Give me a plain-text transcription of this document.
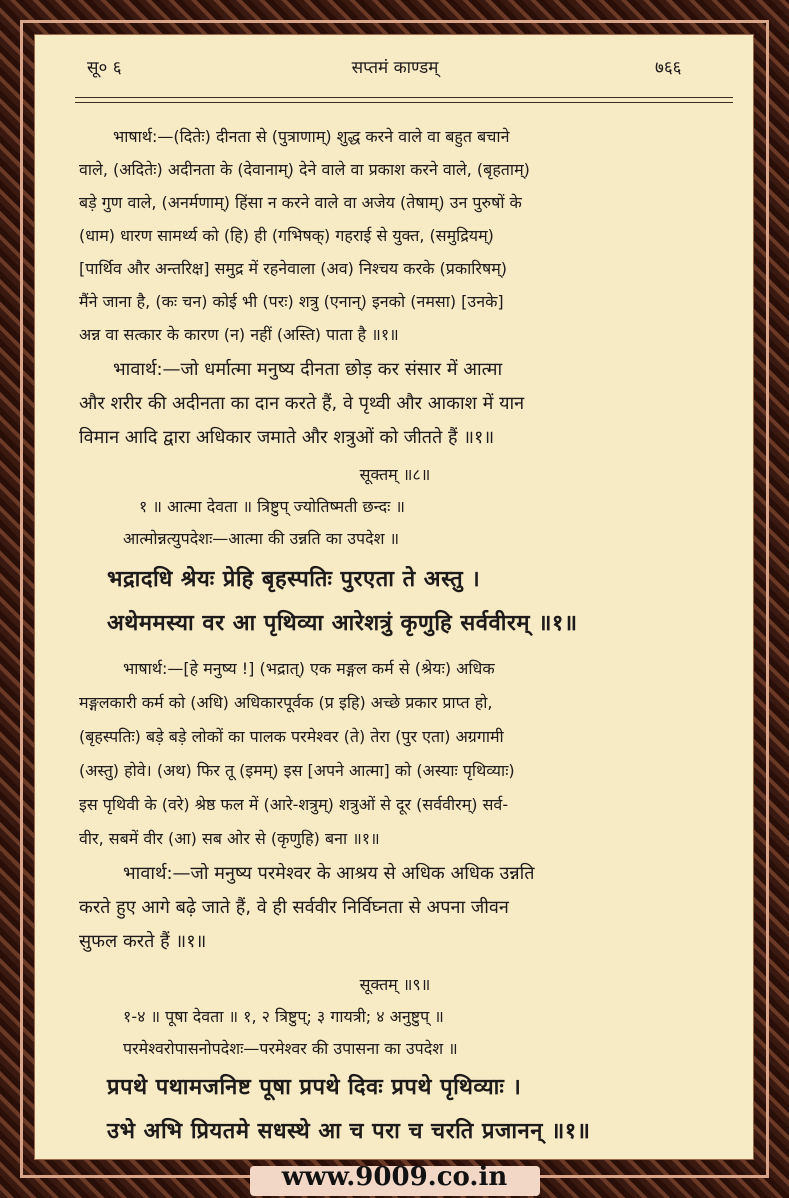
सू० ६	सप्तमं काण्डम्	७६६
भाषार्थ:—(दितेः) दीनता से (पुत्राणाम्) शुद्ध करने वाले वा बहुत बचाने
वाले, (अदितेः) अदीनता के (देवानाम्) देने वाले वा प्रकाश करने वाले, (बृहताम्)
बड़े गुण वाले, (अनर्मणाम्) हिंसा न करने वाले वा अजेय (तेषाम्) उन पुरुषों के
(धाम) धारण सामर्थ्य को (हि) ही (गभिषक्) गहराई से युक्त, (समुद्रियम्)
[पार्थिव और अन्तरिक्ष] समुद्र में रहनेवाला (अव) निश्चय करके (प्रकारिषम्)
मैंने जाना है, (कः चन) कोई भी (परः) शत्रु (एनान्) इनको (नमसा) [उनके]
अन्न वा सत्कार के कारण (न) नहीं (अस्ति) पाता है ॥१॥
भावार्थ:—जो धर्मात्मा मनुष्य दीनता छोड़ कर संसार में आत्मा
और शरीर की अदीनता का दान करते हैं, वे पृथ्वी और आकाश में यान
विमान आदि द्वारा अधिकार जमाते और शत्रुओं को जीतते हैं ॥१॥
सूक्तम् ॥८॥
१ ॥ आत्मा देवता ॥ त्रिष्टुप् ज्योतिष्मती छन्दः ॥
आत्मोन्नत्युपदेशः—आत्मा की उन्नति का उपदेश ॥
भद्रादधि श्रेयः प्रेहि बृहस्पतिः पुरएता ते अस्तु ।
अथेममस्या वर आ पृथिव्या आरेशत्रुं कृणुहि सर्ववीरम् ॥१॥
भाषार्थ:—[हे मनुष्य !] (भद्रात्) एक मङ्गल कर्म से (श्रेयः) अधिक
मङ्गलकारी कर्म को (अधि) अधिकारपूर्वक (प्र इहि) अच्छे प्रकार प्राप्त हो,
(बृहस्पतिः) बड़े बड़े लोकों का पालक परमेश्वर (ते) तेरा (पुर एता) अग्रगामी
(अस्तु) होवे। (अथ) फिर तू (इमम्) इस [अपने आत्मा] को (अस्याः पृथिव्याः)
इस पृथिवी के (वरे) श्रेष्ठ फल में (आरे-शत्रुम्) शत्रुओं से दूर (सर्ववीरम्) सर्व-
वीर, सबमें वीर (आ) सब ओर से (कृणुहि) बना ॥१॥
भावार्थ:—जो मनुष्य परमेश्वर के आश्रय से अधिक अधिक उन्नति
करते हुए आगे बढ़े जाते हैं, वे ही सर्ववीर निर्विघ्नता से अपना जीवन
सुफल करते हैं ॥१॥
सूक्तम् ॥९॥
१-४ ॥ पूषा देवता ॥ १, २ त्रिष्टुप्; ३ गायत्री; ४ अनुष्टुप् ॥
परमेश्वरोपासनोपदेशः—परमेश्वर की उपासना का उपदेश ॥
प्रपथे पथामजनिष्ट पूषा प्रपथे दिवः प्रपथे पृथिव्याः ।
उभे अभि प्रियतमे सधस्थे आ च परा च चरति प्रजानन् ॥१॥
www.9009.co.in
